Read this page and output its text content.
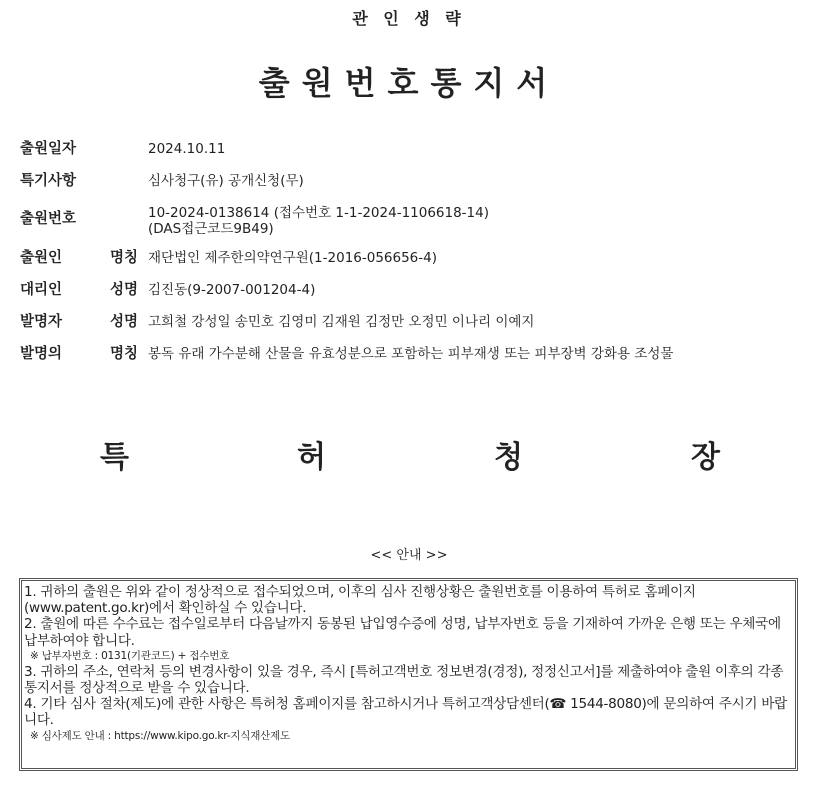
관 인 생 략
출원번호통지서
출원일자	2024.10.11
특기사항	심사청구(유) 공개신청(무)
출원번호	10-2024-0138614 (접수번호 1-1-2024-1106618-14)
(DAS접근코드9B49)
출원인 명칭 재단법인 제주한의약연구원(1-2016-056656-4)
대리인 성명 김진동(9-2007-001204-4)
발명자 성명 고희철 강성일 송민호 김영미 김재원 김정만 오정민 이나리 이예지
발명의 명칭 봉독 유래 가수분해 산물을 유효성분으로 포함하는 피부재생 또는 피부장벽 강화용 조성물
특	허	청	장
<< 안내 >>

1. 귀하의 출원은 위와 같이 정상적으로 접수되었으며, 이후의 심사 진행상황은 출원번호를 이용하여 특허로 홈페이지(www.patent.go.kr)에서 확인하실 수 있습니다.

2. 출원에 따른 수수료는 접수일로부터 다음날까지 동봉된 납입영수증에 성명, 납부자번호 등을 기재하여 가까운 은행 또는 우체국에 납부하여야 합니다.

※ 납부자번호 : 0131(기관코드) + 접수번호

3. 귀하의 주소, 연락처 등의 변경사항이 있을 경우, 즉시 [특허고객번호 정보변경(경정), 정정신고서]를 제출하여야 출원 이후의 각종 통지서를 정상적으로 받을 수 있습니다.

4. 기타 심사 절차(제도)에 관한 사항은 특허청 홈페이지를 참고하시거나 특허고객상담센터(☎ 1544-8080)에 문의하여 주시기 바랍니다.

※ 심사제도 안내 : https://www.kipo.go.kr-지식재산제도
